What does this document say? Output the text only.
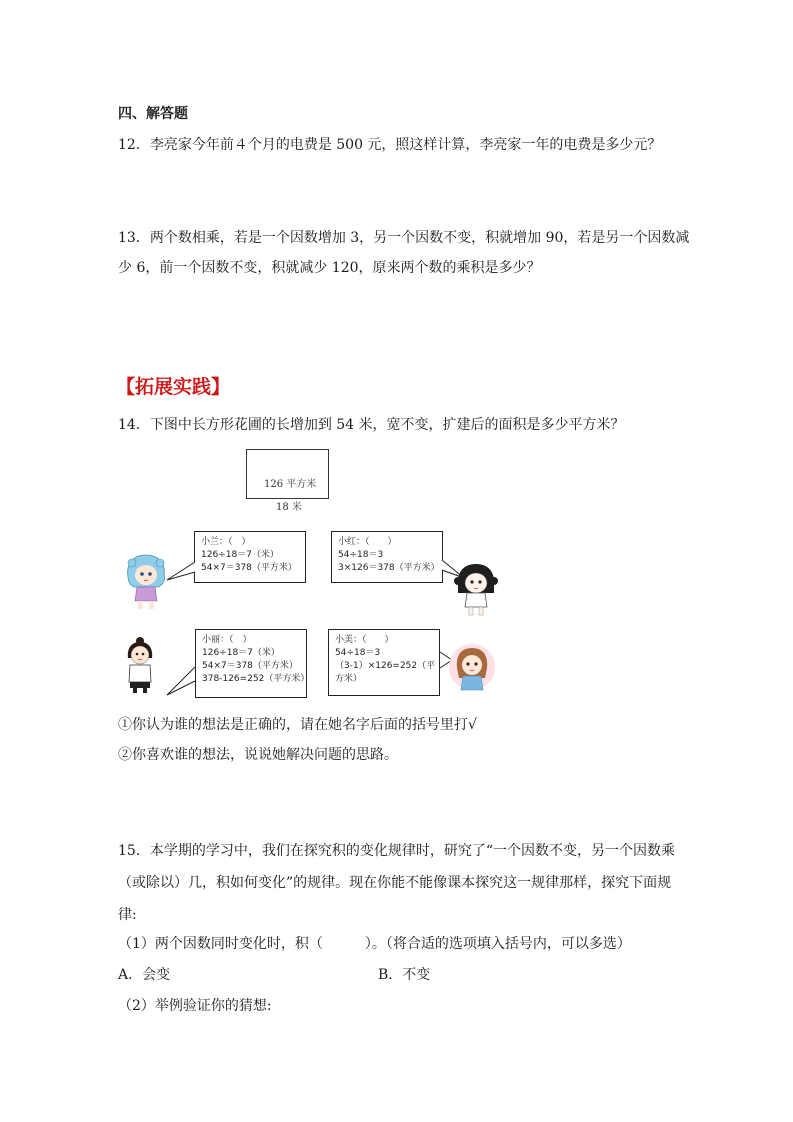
四、解答题
12．李亮家今年前４个月的电费是 500 元，照这样计算，李亮家一年的电费是多少元？
13．两个数相乘，若是一个因数增加 3，另一个因数不变，积就增加 90，若是另一个因数减
少 6，前一个因数不变，积就减少 120，原来两个数的乘积是多少？
【拓展实践】
14．下图中长方形花圃的长增加到 54 米，宽不变，扩建后的面积是多少平方米？
126 平方米
18 米
小兰：（　）
126÷18＝7（米）
54×7＝378（平方米）
小红：（　　）
54÷18＝3
3×126＝378（平方米）
小丽：（　）
126÷18＝7（米）
54×7＝378（平方米）
378-126=252（平方米）
小美：（　　）
54÷18＝3
（3-1）×126=252（平
方米）
①你认为谁的想法是正确的，请在她名字后面的括号里打√
②你喜欢谁的想法，说说她解决问题的思路。
15．本学期的学习中，我们在探究积的变化规律时，研究了“一个因数不变，另一个因数乘
（或除以）几，积如何变化”的规律。现在你能不能像课本探究这一规律那样，探究下面规
律:
（1）两个因数同时变化时，积（　　　）。（将合适的选项填入括号内，可以多选）
A．会变	B．不变
（2）举例验证你的猜想:
